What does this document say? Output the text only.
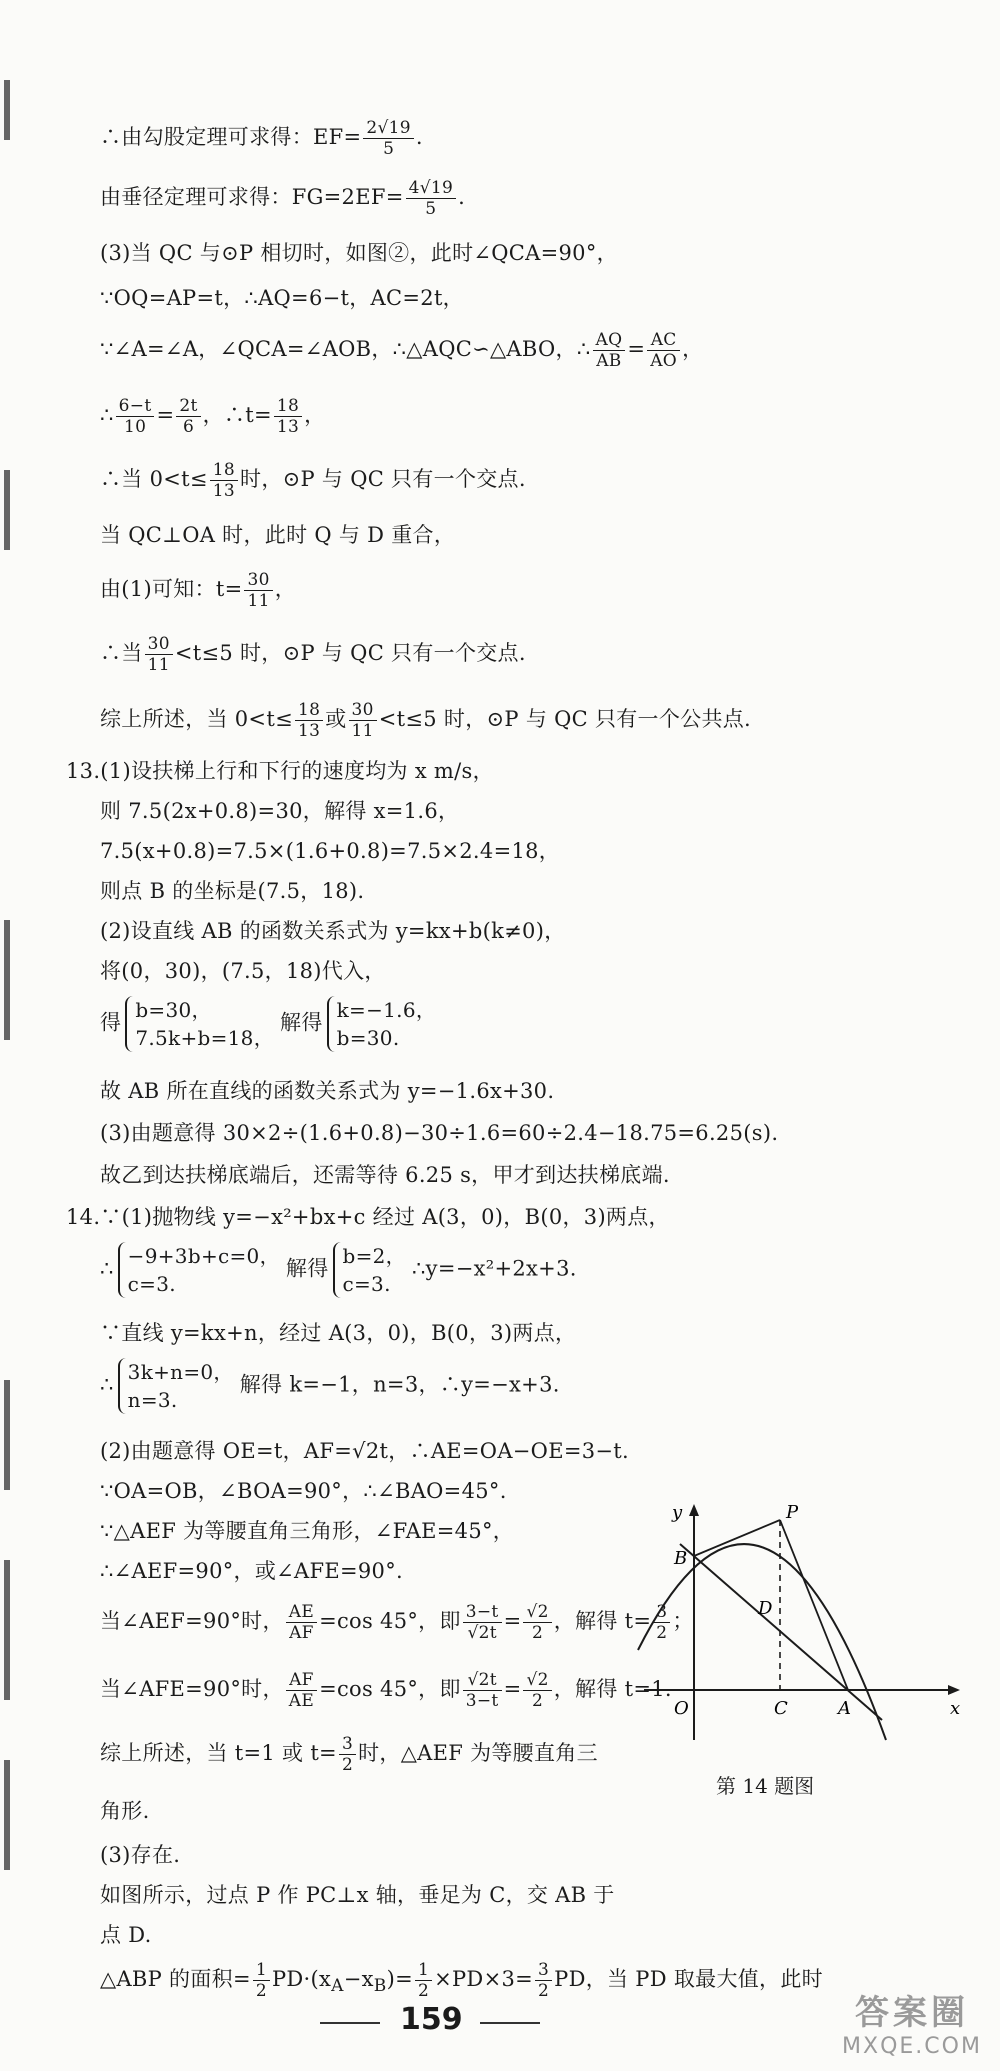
∴由勾股定理可求得：$EF= \frac{2√19}{5}$ .
由垂径定理可求得：$FG=2EF= \frac{4√19}{5}$ .
(3)当 QC 与⊙P 相切时，如图②，此时∠QCA=90°，
∵OQ=AP=t，∴AQ=6−t，AC=2t，
∵∠A=∠A，∠QCA=∠AOB，∴△AQC∽△ABO，∴ $\frac{AQ}{AB} = \frac{AC}{AO}$ ，
∴ $\frac{6-t}{10} = \frac{2t}{6}$ ，∴t= $\frac{18}{13}$ ，
∴当 $0<t\le \frac{18}{13}$ 时，⊙P 与 QC 只有一个交点.
当 QC⊥OA 时，此时 Q 与 D 重合，
由(1)可知：$t= \frac{30}{11}$ ，
∴当 $\frac{30}{11} <t\le 5$ 时，⊙P 与 QC 只有一个交点.
综上所述，当 $0<t\le \frac{18}{13}$ 或 $\frac{30}{11} <t\le 5$ 时，⊙P 与 QC 只有一个公共点.
13.(1)设扶梯上行和下行的速度均为 x m/s，
则 7.5(2x+0.8)=30，解得 x=1.6，
7.5(x+0.8)=7.5×(1.6+0.8)=7.5×2.4=18，
则点 B 的坐标是(7.5，18).
(2)设直线 AB 的函数关系式为 y=kx+b(k≠0)，
将(0，30)，(7.5，18)代入，
得
b=30，
7.5k+b=18，
解得
k=−1.6，
b=30.
故 AB 所在直线的函数关系式为 y=−1.6x+30.
(3)由题意得 30×2÷(1.6+0.8)−30÷1.6=60÷2.4−18.75=6.25(s).
故乙到达扶梯底端后，还需等待 6.25 s，甲才到达扶梯底端.
14.∵(1)抛物线 y=−x²+bx+c 经过 A(3，0)，B(0，3)两点，
∴
−9+3b+c=0，
c=3.
解得
b=2，
c=3.
∴y=−x²+2x+3.
∵直线 y=kx+n，经过 A(3，0)，B(0，3)两点，
∴
3k+n=0，
n=3.
解得 k=−1，n=3，∴y=−x+3.
(2)由题意得 OE=t，AF=√2t，∴AE=OA−OE=3−t.
∵OA=OB，∠BOA=90°，∴∠BAO=45°.
∵△AEF 为等腰直角三角形，∠FAE=45°，
∴∠AEF=90°，或∠AFE=90°.
当∠AEF=90°时， $\frac{AE}{AF} =\cos$ 45°，即 $\frac{3-t}{√2t} = \frac{√2}{2}$ ，解得 $t= \frac{3}{2}$ ；
当∠AFE=90°时， $\frac{AF}{AE} =\cos$ 45°，即 $\frac{√2t}{3-t} = \frac{√2}{2}$ ，解得 t=1.
综上所述，当 t=1 或 $t= \frac{3}{2}$ 时，△AEF 为等腰直角三
角形.
(3)存在.
如图所示，过点 P 作 PC⊥x 轴，垂足为 C，交 AB 于
点 D.
y	P
B
D
O	C	A	x
第 14 题图
△ABP 的面积= $\frac{1}{2} PD\cdot(x_A-x_B)= \frac{1}{2} \times PD\times 3= \frac{3}{2}$ PD，当 PD 取最大值，此时
159	答案圈
MXQE.COM
